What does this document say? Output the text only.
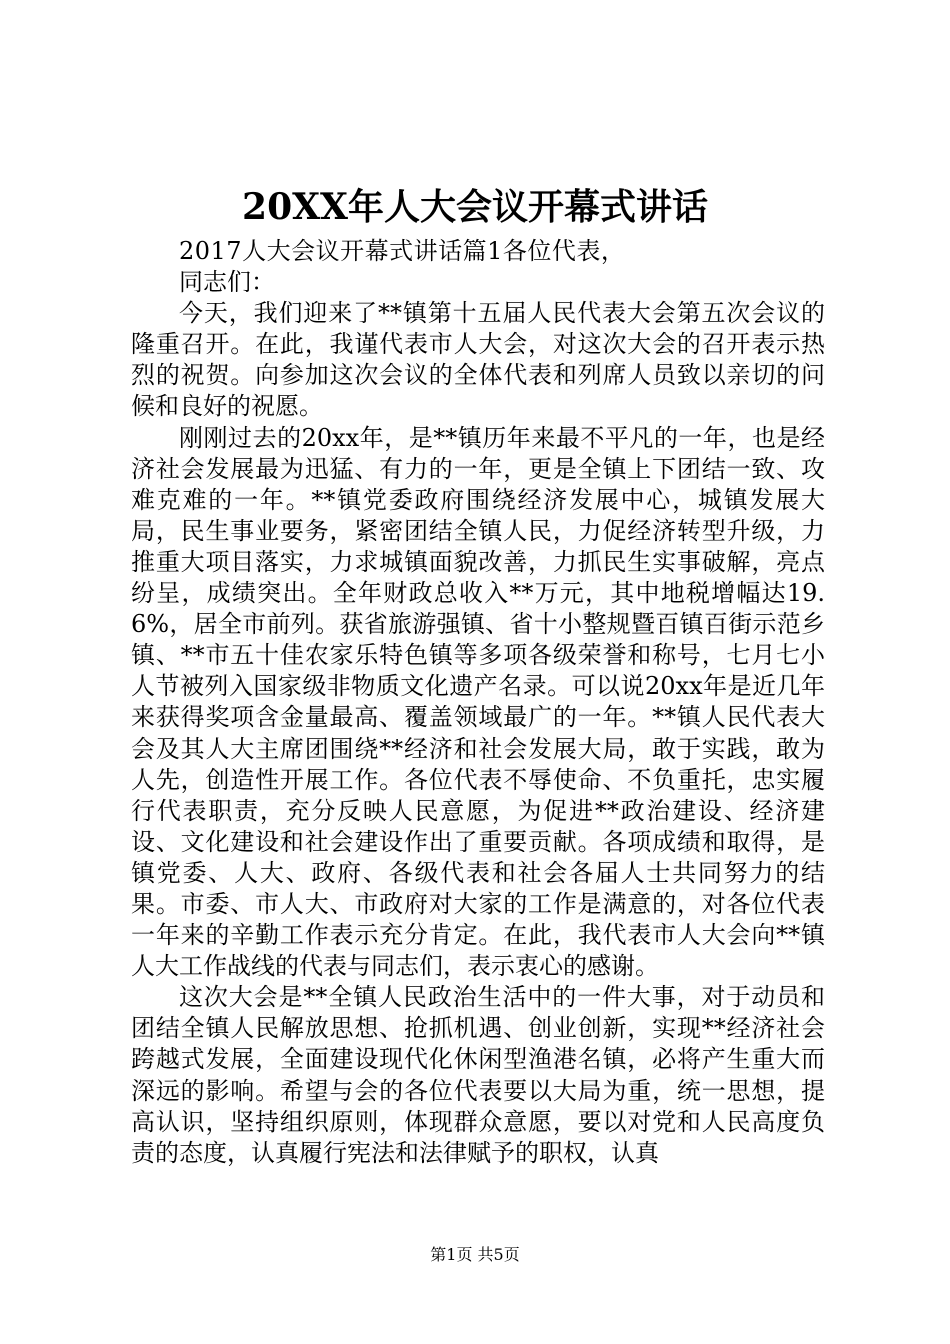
20XX年人大会议开幕式讲话

2017人大会议开幕式讲话篇1各位代表，

同志们：

今天，我们迎来了**镇第十五届人民代表大会第五次会议的隆重召开。在此，我谨代表市人大会，对这次大会的召开表示热烈的祝贺。向参加这次会议的全体代表和列席人员致以亲切的问候和良好的祝愿。

刚刚过去的20xx年，是**镇历年来最不平凡的一年，也是经济社会发展最为迅猛、有力的一年，更是全镇上下团结一致、攻难克难的一年。**镇党委政府围绕经济发展中心，城镇发展大局，民生事业要务，紧密团结全镇人民，力促经济转型升级，力推重大项目落实，力求城镇面貌改善，力抓民生实事破解，亮点纷呈，成绩突出。全年财政总收入**万元，其中地税增幅达19.6%，居全市前列。获省旅游强镇、省十小整规暨百镇百街示范乡镇、**市五十佳农家乐特色镇等多项各级荣誉和称号，七月七小人节被列入国家级非物质文化遗产名录。可以说20xx年是近几年来获得奖项含金量最高、覆盖领域最广的一年。**镇人民代表大会及其人大主席团围绕**经济和社会发展大局，敢于实践，敢为人先，创造性开展工作。各位代表不辱使命、不负重托，忠实履行代表职责，充分反映人民意愿，为促进**政治建设、经济建设、文化建设和社会建设作出了重要贡献。各项成绩和取得，是镇党委、人大、政府、各级代表和社会各届人士共同努力的结果。市委、市人大、市政府对大家的工作是满意的，对各位代表一年来的辛勤工作表示充分肯定。在此，我代表市人大会向**镇人大工作战线的代表与同志们，表示衷心的感谢。

这次大会是**全镇人民政治生活中的一件大事，对于动员和团结全镇人民解放思想、抢抓机遇、创业创新，实现**经济社会跨越式发展，全面建设现代化休闲型渔港名镇，必将产生重大而深远的影响。希望与会的各位代表要以大局为重，统一思想，提高认识，坚持组织原则，体现群众意愿，要以对党和人民高度负责的态度，认真履行宪法和法律赋予的职权，认真

第1页 共5页
